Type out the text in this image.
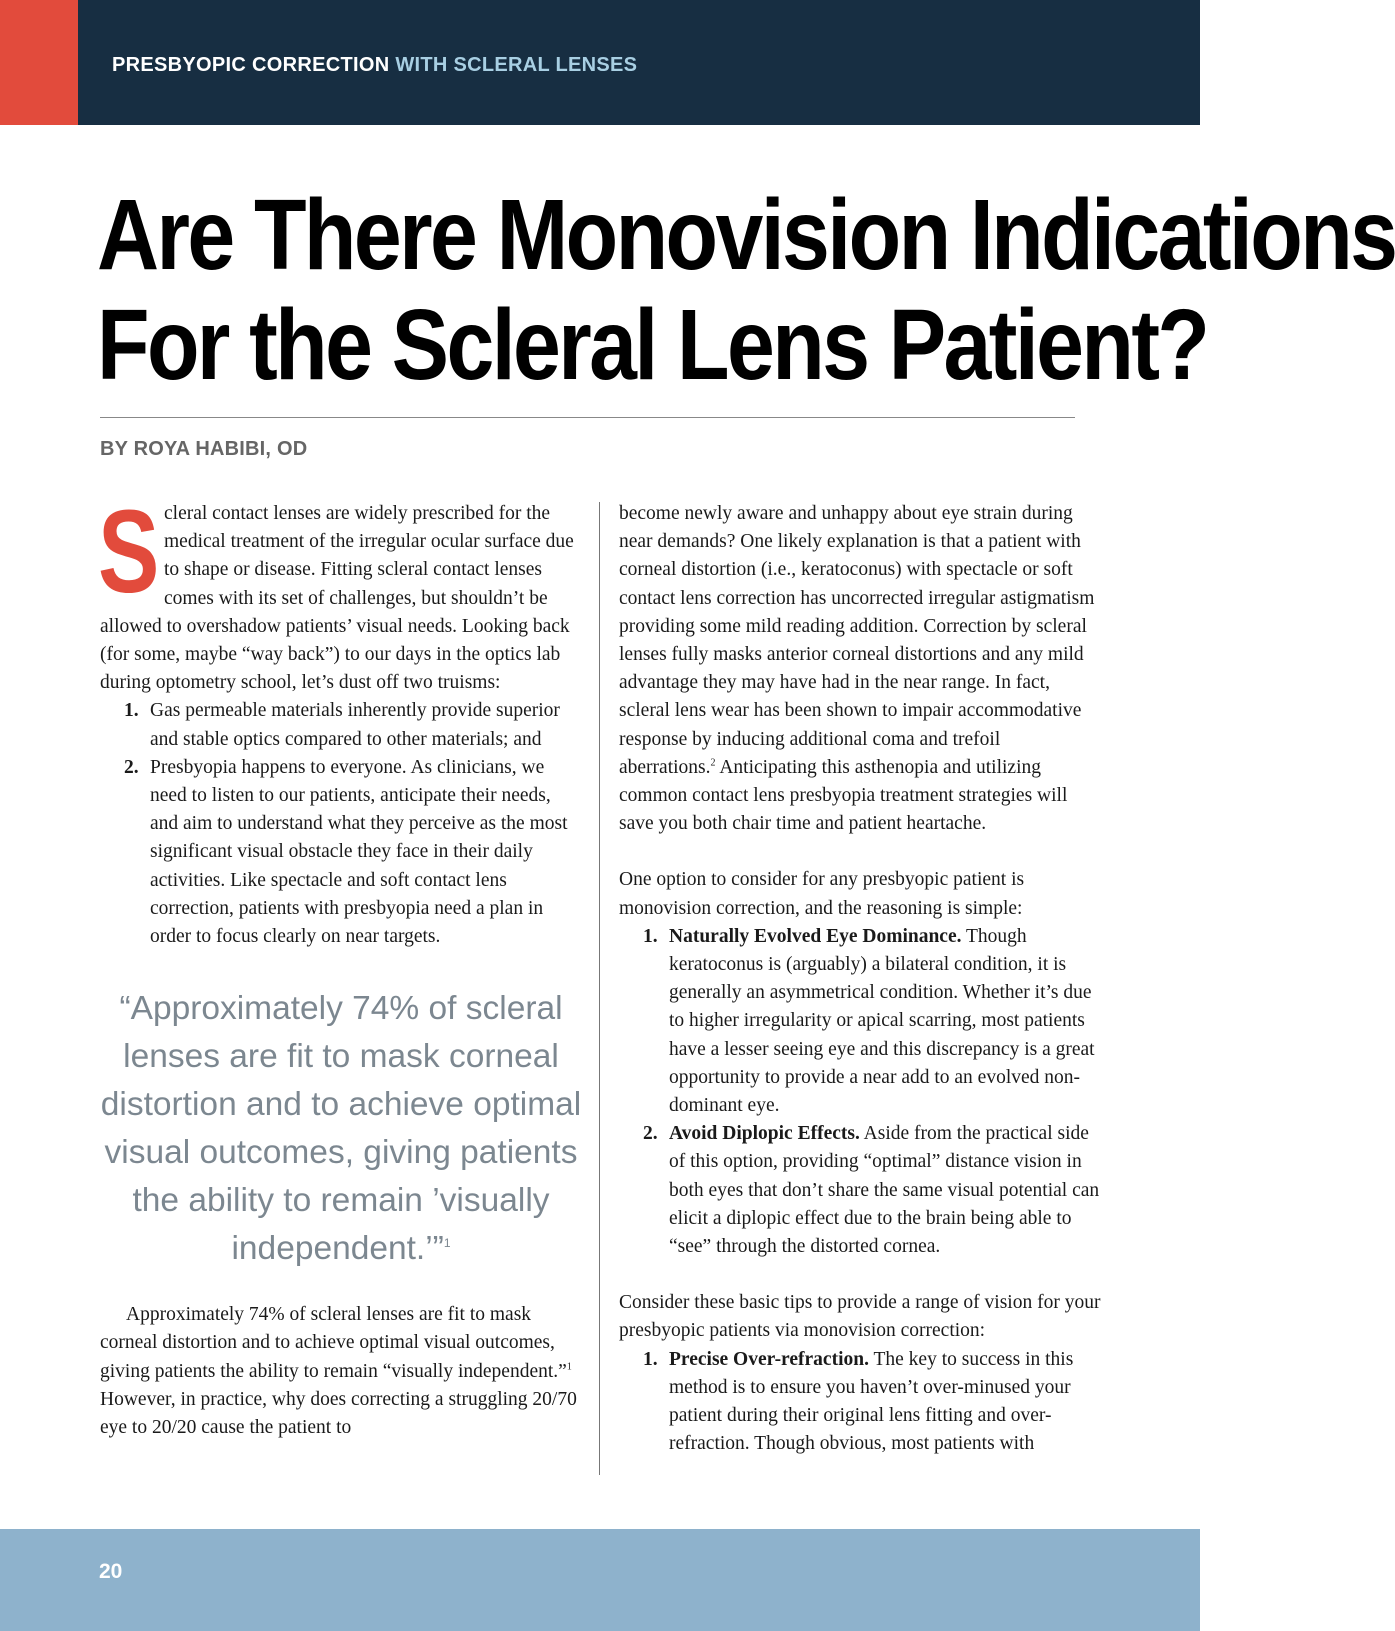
PRESBYOPIC CORRECTION WITH SCLERAL LENSES
Are There Monovision Indications
For the Scleral Lens Patient?
BY ROYA HABIBI, OD

Scleral contact lenses are widely prescribed for the medical treatment of the irregular ocular surface due to shape or disease. Fitting scleral contact lenses comes with its set of challenges, but shouldn’t be allowed to overshadow patients’ visual needs. Looking back (for some, maybe “way back”) to our days in the optics lab during optometry school, let’s dust off two truisms:

1. Gas permeable materials inherently provide superior and stable optics compared to other materials; and
2. Presbyopia happens to everyone. As clinicians, we need to listen to our patients, anticipate their needs, and aim to understand what they perceive as the most significant visual obstacle they face in their daily activities. Like spectacle and soft contact lens correction, patients with presbyopia need a plan in order to focus clearly on near targets.
“Approximately 74% of scleral lenses are fit to mask corneal distortion and to achieve optimal visual outcomes, giving patients the ability to remain ’visually independent.’”$^1$

Approximately 74% of scleral lenses are fit to mask corneal distortion and to achieve optimal visual outcomes, giving patients the ability to remain “visually independent.”$^1$ However, in practice, why does correcting a struggling 20/70 eye to 20/20 cause the patient to

become newly aware and unhappy about eye strain during near demands? One likely explanation is that a patient with corneal distortion (i.e., keratoconus) with spectacle or soft contact lens correction has uncorrected irregular astigmatism providing some mild reading addition. Correction by scleral lenses fully masks anterior corneal distortions and any mild advantage they may have had in the near range. In fact, scleral lens wear has been shown to impair accommodative response by inducing additional coma and trefoil aberrations.$^2$ Anticipating this asthenopia and utilizing common contact lens presbyopia treatment strategies will save you both chair time and patient heartache.

One option to consider for any presbyopic patient is monovision correction, and the reasoning is simple:

1. Naturally Evolved Eye Dominance. Though keratoconus is (arguably) a bilateral condition, it is generally an asymmetrical condition. Whether it’s due to higher irregularity or apical scarring, most patients have a lesser seeing eye and this discrepancy is a great opportunity to provide a near add to an evolved non-dominant eye.
2. Avoid Diplopic Effects. Aside from the practical side of this option, providing “optimal” distance vision in both eyes that don’t share the same visual potential can elicit a diplopic effect due to the brain being able to “see” through the distorted cornea.

Consider these basic tips to provide a range of vision for your presbyopic patients via monovision correction:

1. Precise Over-refraction. The key to success in this method is to ensure you haven’t over-minused your patient during their original lens fitting and over-refraction. Though obvious, most patients with
20
